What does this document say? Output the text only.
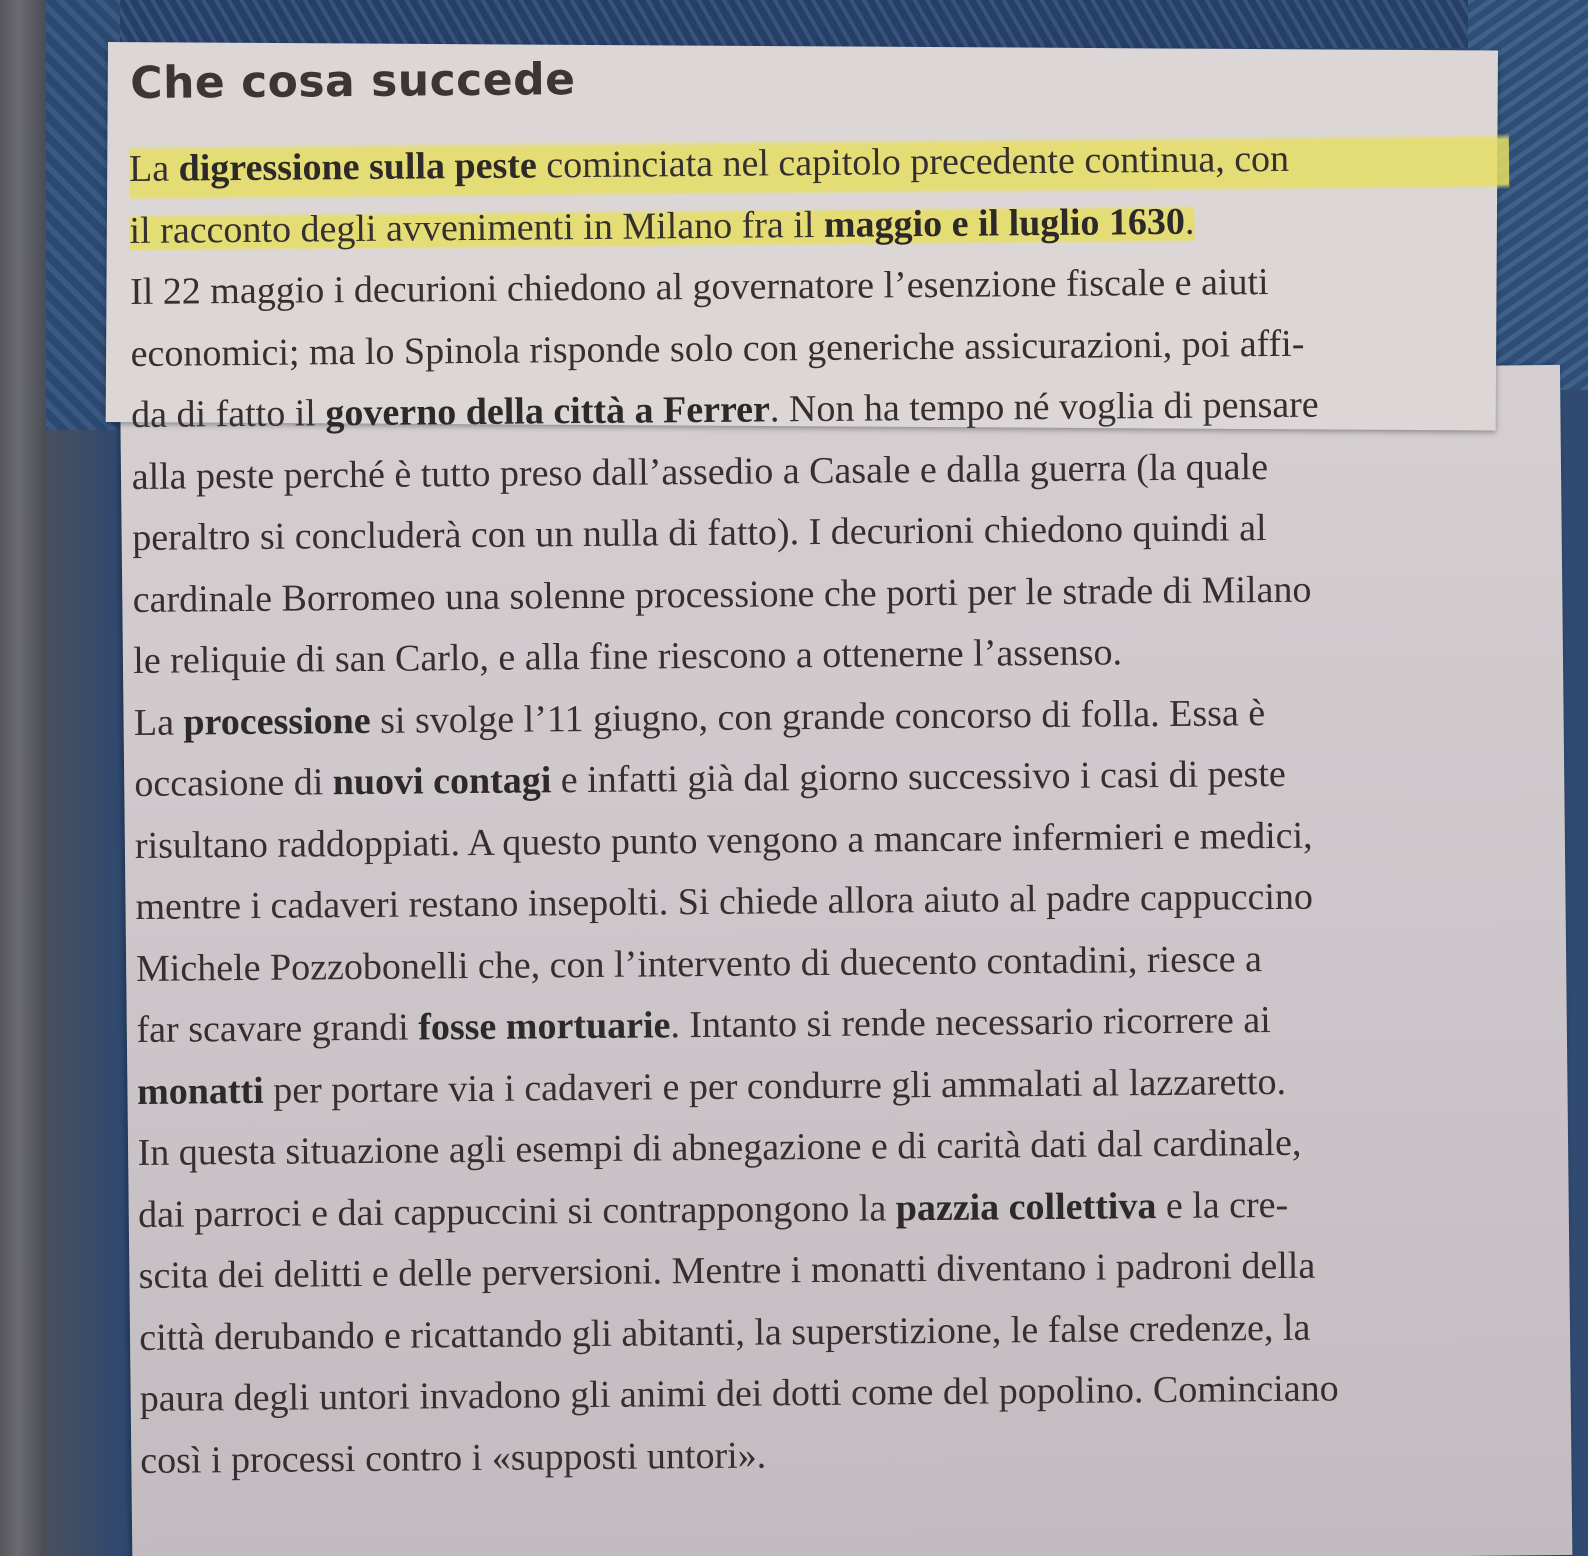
Che cosa succede

La digressione sulla peste cominciata nel capitolo precedente continua, con
il racconto degli avvenimenti in Milano fra il maggio e il luglio 1630.

Il 22 maggio i decurioni chiedono al governatore l’esenzione fiscale e aiuti
economici; ma lo Spinola risponde solo con generiche assicurazioni, poi affi-
da di fatto il governo della città a Ferrer. Non ha tempo né voglia di pensare
alla peste perché è tutto preso dall’assedio a Casale e dalla guerra (la quale
peraltro si concluderà con un nulla di fatto). I decurioni chiedono quindi al
cardinale Borromeo una solenne processione che porti per le strade di Milano
le reliquie di san Carlo, e alla fine riescono a ottenerne l’assenso.

La processione si svolge l’11 giugno, con grande concorso di folla. Essa è
occasione di nuovi contagi e infatti già dal giorno successivo i casi di peste
risultano raddoppiati. A questo punto vengono a mancare infermieri e medici,
mentre i cadaveri restano insepolti. Si chiede allora aiuto al padre cappuccino
Michele Pozzobonelli che, con l’intervento di duecento contadini, riesce a
far scavare grandi fosse mortuarie. Intanto si rende necessario ricorrere ai
monatti per portare via i cadaveri e per condurre gli ammalati al lazzaretto.
In questa situazione agli esempi di abnegazione e di carità dati dal cardinale,
dai parroci e dai cappuccini si contrappongono la pazzia collettiva e la cre-
scita dei delitti e delle perversioni. Mentre i monatti diventano i padroni della
città derubando e ricattando gli abitanti, la superstizione, le false credenze, la
paura degli untori invadono gli animi dei dotti come del popolino. Cominciano
così i processi contro i «supposti untori».
